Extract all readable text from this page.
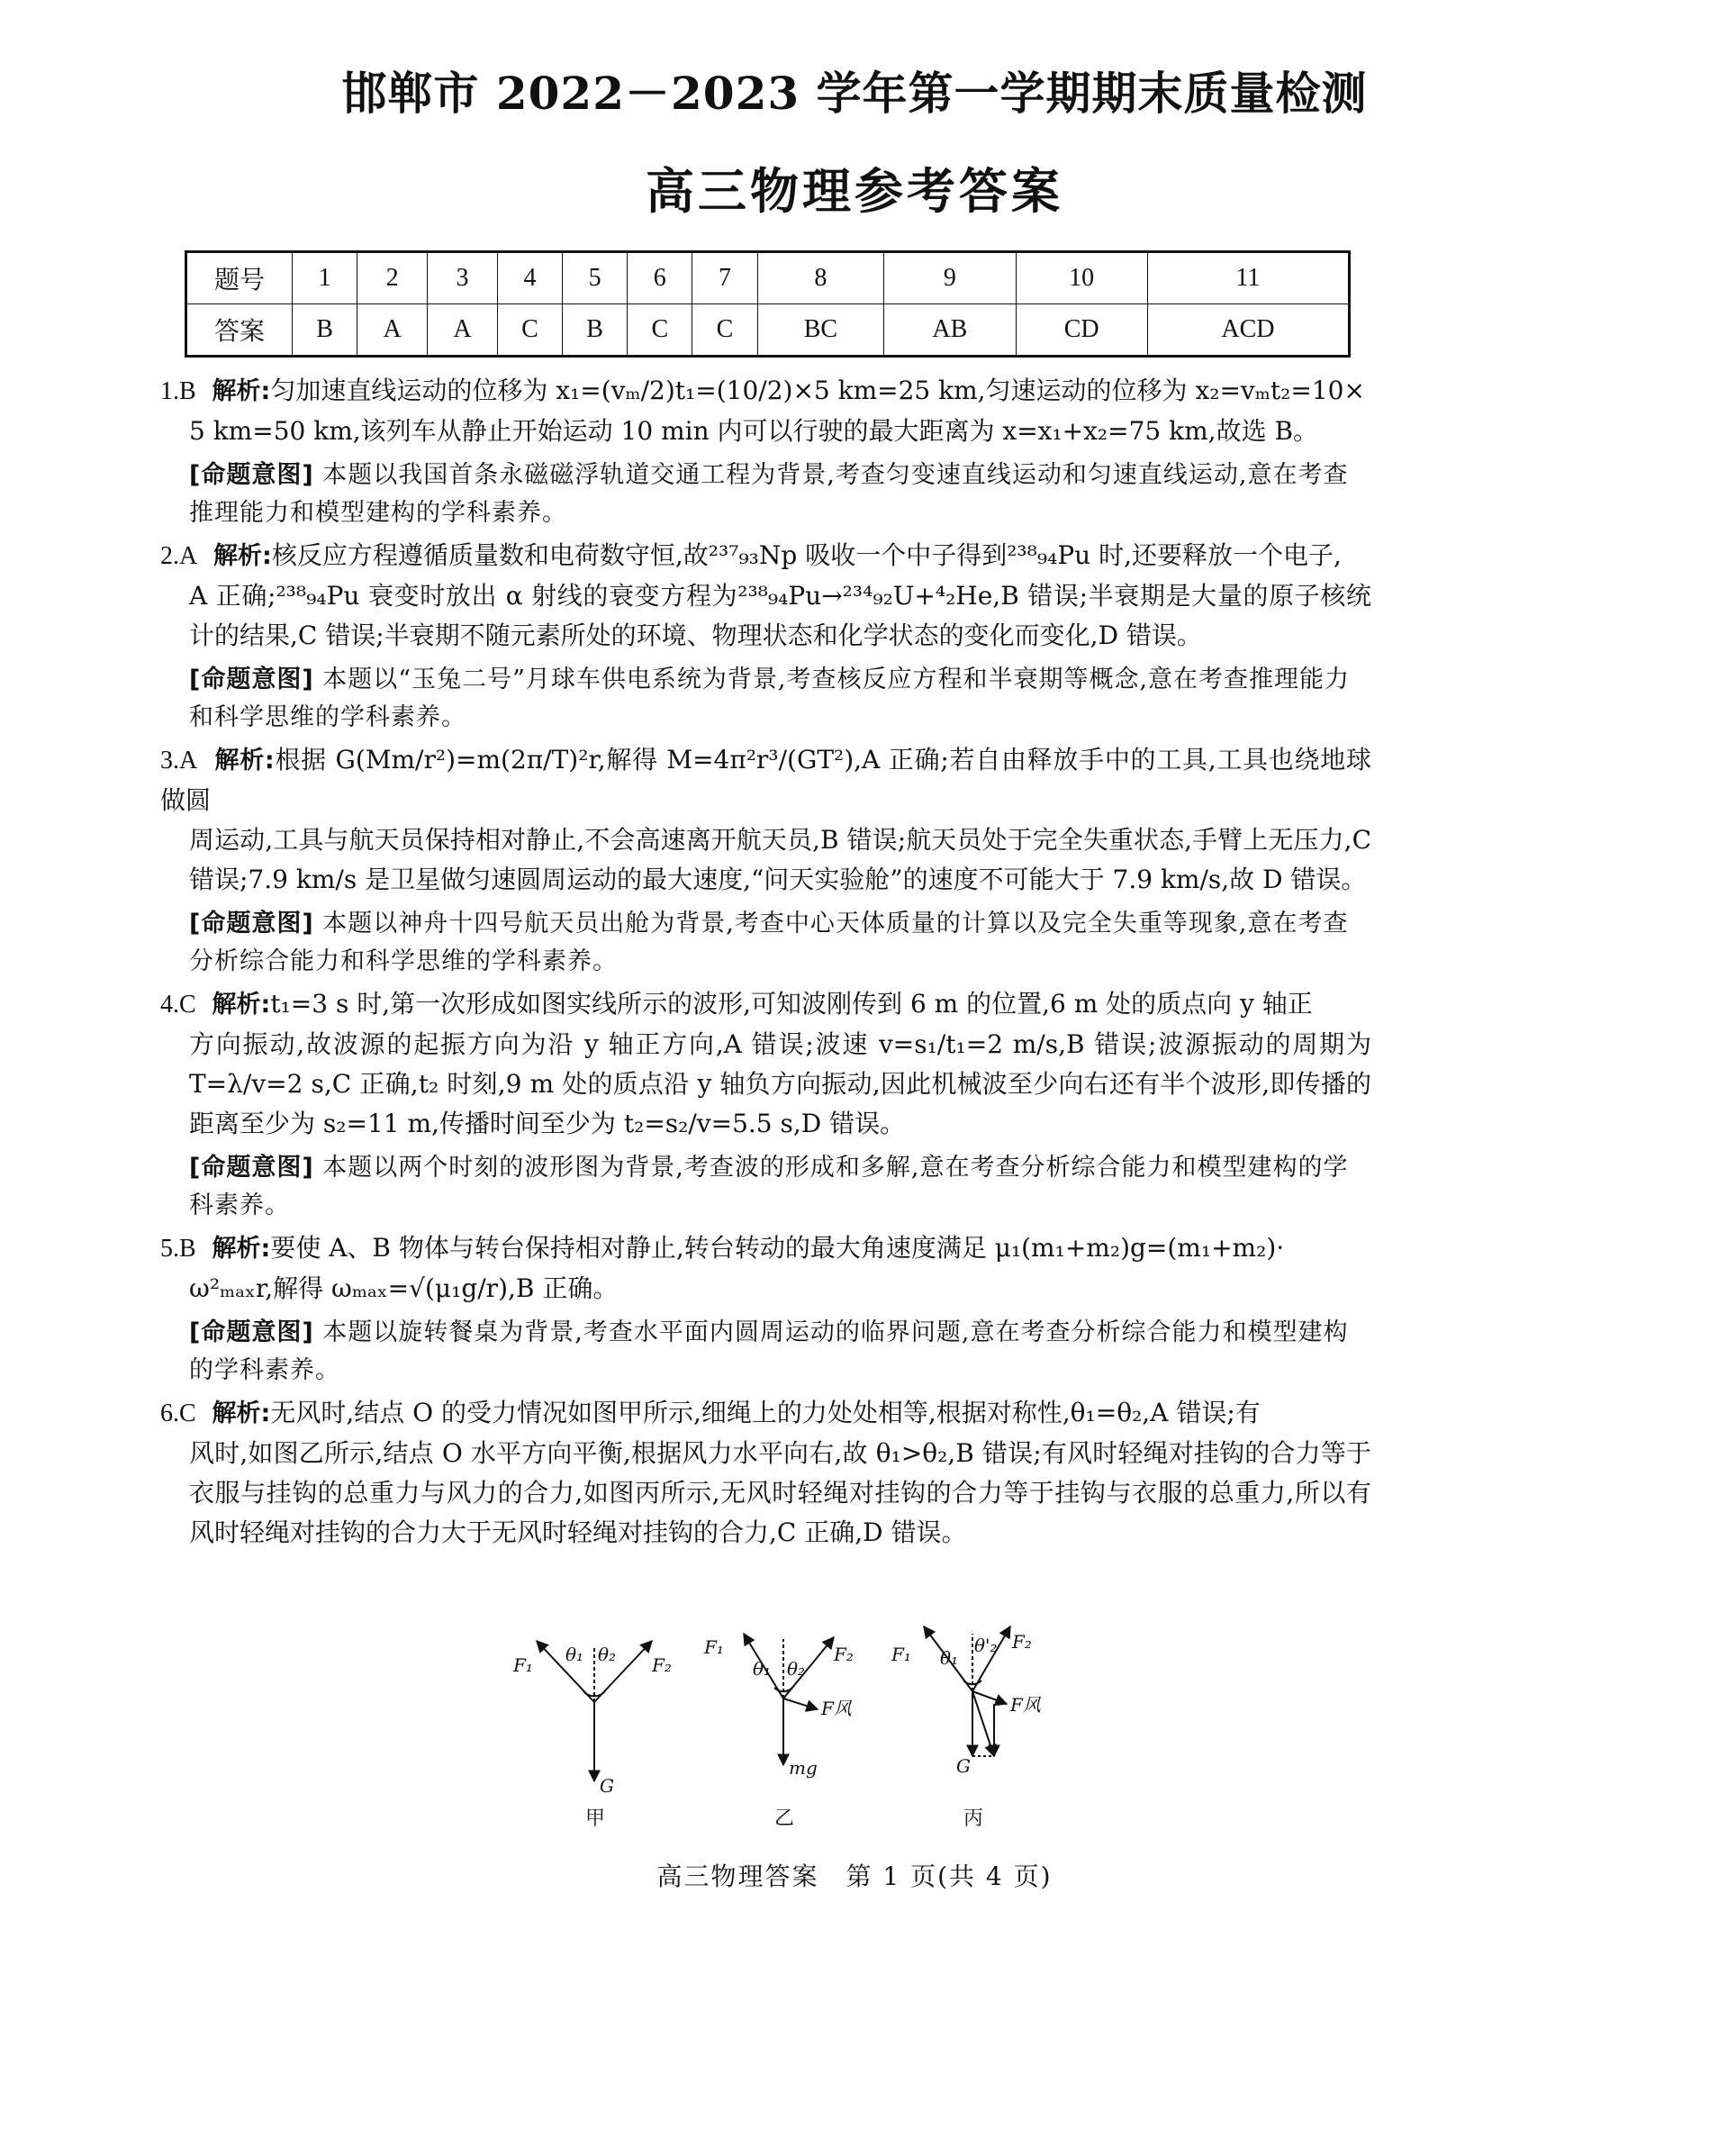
邯郸市 2022－2023 学年第一学期期末质量检测
高三物理参考答案
题号	1	2	3	4	5	6	7	8	9	10	11
答案	B	A	A	C	B	C	C	BC	AB	CD	ACD
1.B 解析:匀加速直线运动的位移为 x₁=(vₘ/2)t₁=(10/2)×5 km=25 km,匀速运动的位移为 x₂=vₘt₂=10×
5 km=50 km,该列车从静止开始运动 10 min 内可以行驶的最大距离为 x=x₁+x₂=75 km,故选 B。
[命题意图] 本题以我国首条永磁磁浮轨道交通工程为背景,考查匀变速直线运动和匀速直线运动,意在考查推理能力和模型建构的学科素养。
2.A 解析:核反应方程遵循质量数和电荷数守恒,故²³⁷₉₃Np 吸收一个中子得到²³⁸₉₄Pu 时,还要释放一个电子,
A 正确;²³⁸₉₄Pu 衰变时放出 α 射线的衰变方程为²³⁸₉₄Pu→²³⁴₉₂U+⁴₂He,B 错误;半衰期是大量的原子核统计的结果,C 错误;半衰期不随元素所处的环境、物理状态和化学状态的变化而变化,D 错误。
[命题意图] 本题以“玉兔二号”月球车供电系统为背景,考查核反应方程和半衰期等概念,意在考查推理能力和科学思维的学科素养。
3.A 解析:根据 G(Mm/r²)=m(2π/T)²r,解得 M=4π²r³/(GT²),A 正确;若自由释放手中的工具,工具也绕地球做圆
周运动,工具与航天员保持相对静止,不会高速离开航天员,B 错误;航天员处于完全失重状态,手臂上无压力,C 错误;7.9 km/s 是卫星做匀速圆周运动的最大速度,“问天实验舱”的速度不可能大于 7.9 km/s,故 D 错误。
[命题意图] 本题以神舟十四号航天员出舱为背景,考查中心天体质量的计算以及完全失重等现象,意在考查分析综合能力和科学思维的学科素养。
4.C 解析:t₁=3 s 时,第一次形成如图实线所示的波形,可知波刚传到 6 m 的位置,6 m 处的质点向 y 轴正
方向振动,故波源的起振方向为沿 y 轴正方向,A 错误;波速 v=s₁/t₁=2 m/s,B 错误;波源振动的周期为 T=λ/v=2 s,C 正确,t₂ 时刻,9 m 处的质点沿 y 轴负方向振动,因此机械波至少向右还有半个波形,即传播的距离至少为 s₂=11 m,传播时间至少为 t₂=s₂/v=5.5 s,D 错误。
[命题意图] 本题以两个时刻的波形图为背景,考查波的形成和多解,意在考查分析综合能力和模型建构的学科素养。
5.B 解析:要使 A、B 物体与转台保持相对静止,转台转动的最大角速度满足 μ₁(m₁+m₂)g=(m₁+m₂)·
ω²ₘₐₓr,解得 ωₘₐₓ=√(μ₁g/r),B 正确。
[命题意图] 本题以旋转餐桌为背景,考查水平面内圆周运动的临界问题,意在考查分析综合能力和模型建构的学科素养。
6.C 解析:无风时,结点 O 的受力情况如图甲所示,细绳上的力处处相等,根据对称性,θ₁=θ₂,A 错误;有
风时,如图乙所示,结点 O 水平方向平衡,根据风力水平向右,故 θ₁>θ₂,B 错误;有风时轻绳对挂钩的合力等于衣服与挂钩的总重力与风力的合力,如图丙所示,无风时轻绳对挂钩的合力等于挂钩与衣服的总重力,所以有风时轻绳对挂钩的合力大于无风时轻绳对挂钩的合力,C 正确,D 错误。
F₁ θ₁ θ₂ F₂
G
F₁
θ₁ θ₂
F₂
F风
mg
F₁ θ₁
θ'₂ F₂
F风
G
甲	乙	丙
高三物理答案　第 1 页(共 4 页)
